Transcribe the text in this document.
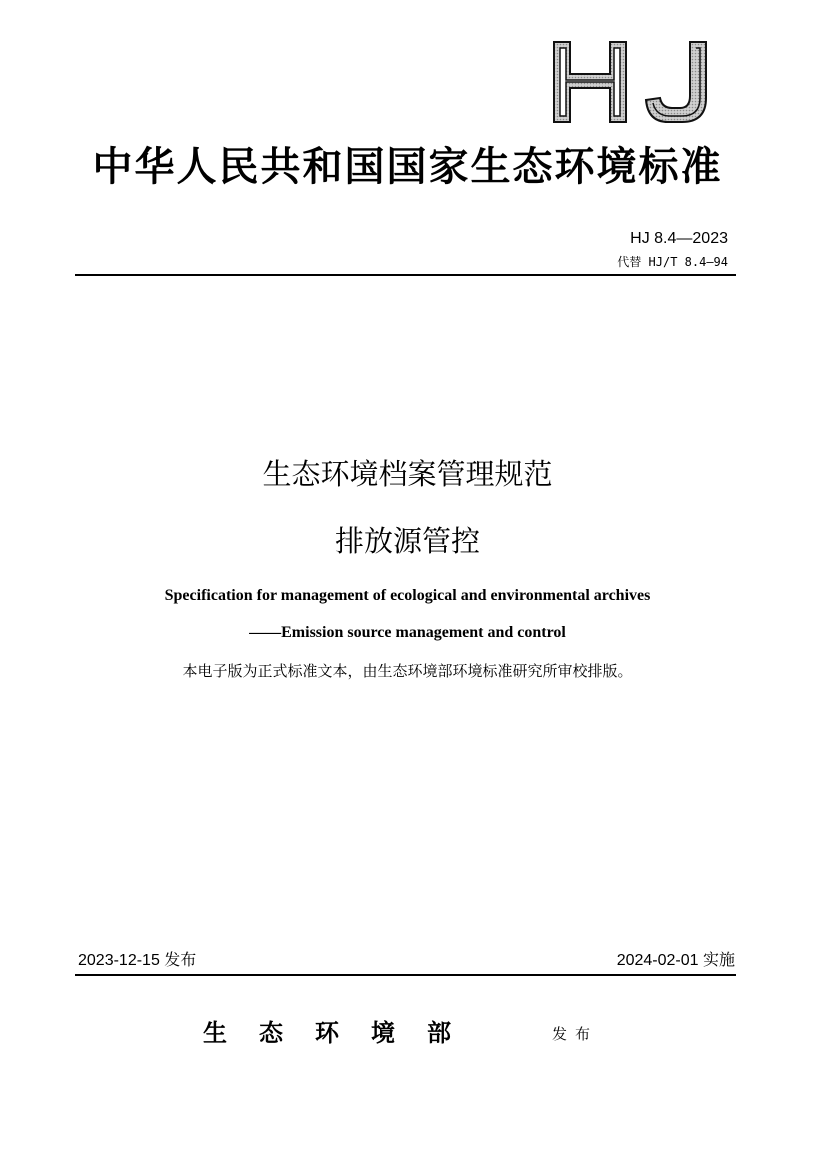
中华人民共和国国家生态环境标准
HJ 8.4—2023
代替 HJ/T 8.4—94
生态环境档案管理规范
排放源管控
Specification for management of ecological and environmental archives
——Emission source management and control
本电子版为正式标准文本，由生态环境部环境标准研究所审校排版。
2023-12-15 发布	2024-02-01 实施
生态环境部	发布
